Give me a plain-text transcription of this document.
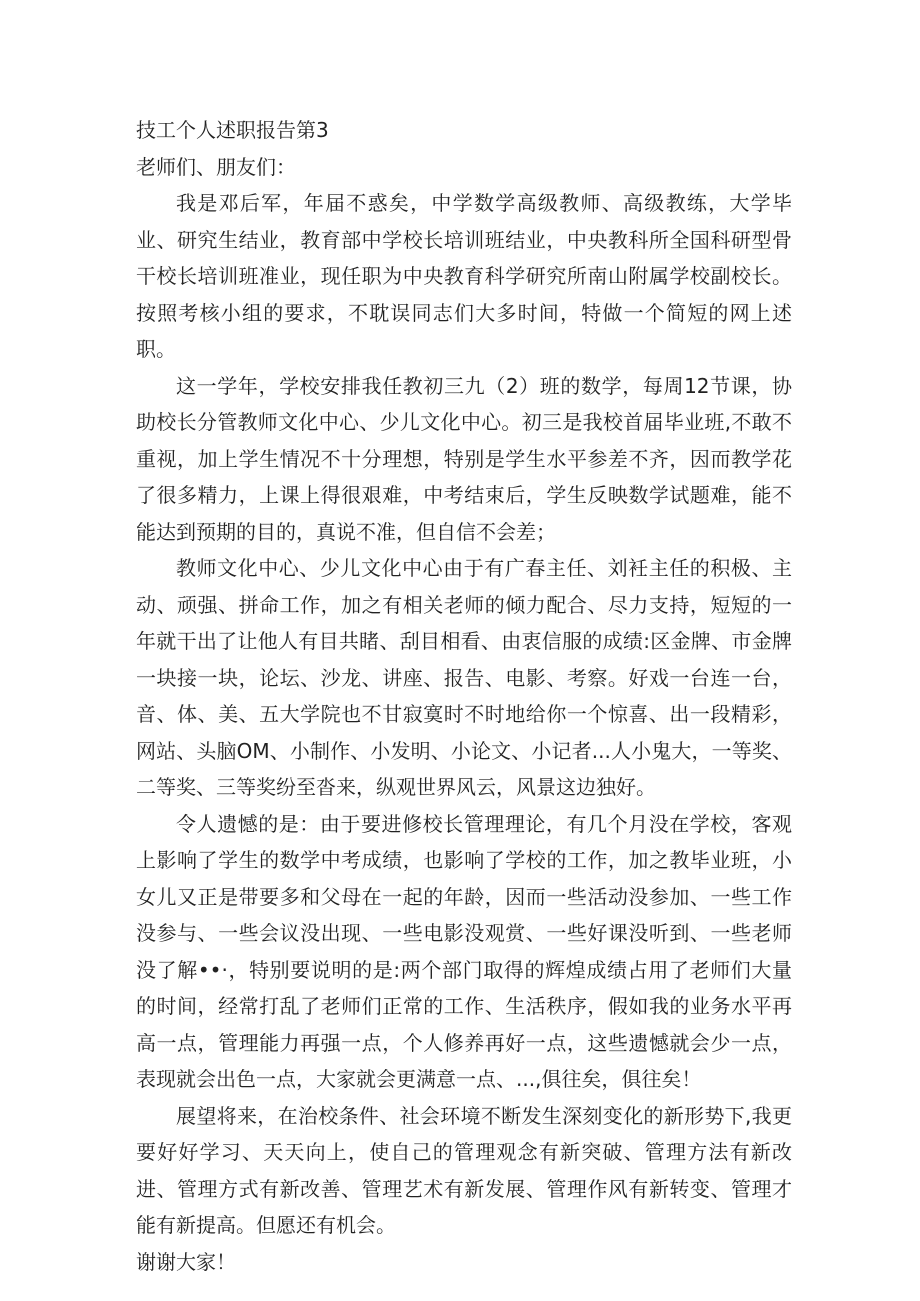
技工个人述职报告第3

老师们、朋友们：

我是邓后军，年届不惑矣，中学数学高级教师、高级教练，大学毕业、研究生结业，教育部中学校长培训班结业，中央教科所全国科研型骨干校长培训班准业，现任职为中央教育科学研究所南山附属学校副校长。按照考核小组的要求，不耽误同志们大多时间，特做一个简短的网上述职。

这一学年，学校安排我任教初三九（2）班的数学，每周12节课，协助校长分管教师文化中心、少儿文化中心。初三是我校首届毕业班,不敢不重视，加上学生情况不十分理想，特别是学生水平参差不齐，因而教学花了很多精力，上课上得很艰难，中考结束后，学生反映数学试题难，能不能达到预期的目的，真说不准，但自信不会差；

教师文化中心、少儿文化中心由于有广春主任、刘衽主任的积极、主动、顽强、拼命工作，加之有相关老师的倾力配合、尽力支持，短短的一年就干出了让他人有目共睹、刮目相看、由衷信服的成绩:区金牌、市金牌一块接一块，论坛、沙龙、讲座、报告、电影、考察。好戏一台连一台，音、体、美、五大学院也不甘寂寞时不时地给你一个惊喜、出一段精彩，网站、头脑OM、小制作、小发明、小论文、小记者...人小鬼大，一等奖、二等奖、三等奖纷至沓来，纵观世界风云，风景这边独好。

令人遗憾的是：由于要进修校长管理理论，有几个月没在学校，客观上影响了学生的数学中考成绩，也影响了学校的工作，加之教毕业班，小女儿又正是带要多和父母在一起的年龄，因而一些活动没参加、一些工作没参与、一些会议没出现、一些电影没观赏、一些好课没听到、一些老师没了解••·，特别要说明的是:两个部门取得的辉煌成绩占用了老师们大量的时间，经常打乱了老师们正常的工作、生活秩序，假如我的业务水平再高一点，管理能力再强一点，个人修养再好一点，这些遗憾就会少一点，表现就会出色一点，大家就会更满意一点、...,俱往矣，俱往矣！

展望将来，在治校条件、社会环境不断发生深刻变化的新形势下,我更要好好学习、天天向上，使自己的管理观念有新突破、管理方法有新改进、管理方式有新改善、管理艺术有新发展、管理作风有新转变、管理才能有新提高。但愿还有机会。

谢谢大家！
